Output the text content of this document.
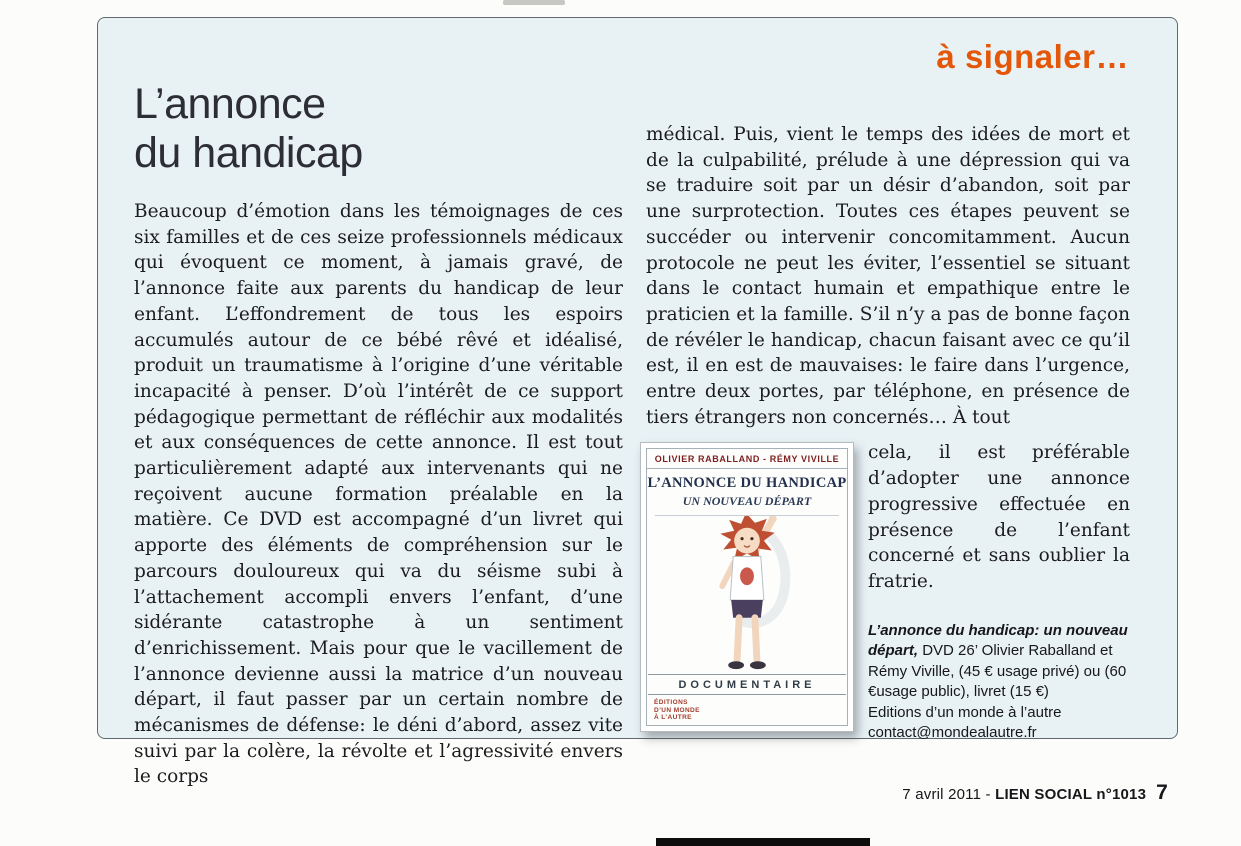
à signaler…
L’annonce
du handicap

Beaucoup d’émotion dans les témoignages de ces six familles et de ces seize professionnels médicaux qui évoquent ce moment, à jamais gravé, de l’annonce faite aux parents du handicap de leur enfant. L’effondrement de tous les espoirs accumulés autour de ce bébé rêvé et idéalisé, produit un traumatisme à l’origine d’une véritable incapacité à penser. D’où l’intérêt de ce support pédagogique permettant de réfléchir aux modalités et aux conséquences de cette annonce. Il est tout particulièrement adapté aux intervenants qui ne reçoivent aucune formation préalable en la matière. Ce DVD est accompagné d’un livret qui apporte des éléments de compréhension sur le parcours douloureux qui va du séisme subi à l’attachement accompli envers l’enfant, d’une sidérante catastrophe à un sentiment d’enrichissement. Mais pour que le vacillement de l’annonce devienne aussi la matrice d’un nouveau départ, il faut passer par un certain nombre de mécanismes de défense: le déni d’abord, assez vite suivi par la colère, la révolte et l’agressivité envers le corps

médical. Puis, vient le temps des idées de mort et de la culpabilité, prélude à une dépression qui va se traduire soit par un désir d’abandon, soit par une surprotection. Toutes ces étapes peuvent se succéder ou intervenir concomitamment. Aucun protocole ne peut les éviter, l’essentiel se situant dans le contact humain et empathique entre le praticien et la famille. S’il n’y a pas de bonne façon de révéler le handicap, chacun faisant avec ce qu’il est, il en est de mauvaises: le faire dans l’urgence, entre deux portes, par téléphone, en présence de tiers étrangers non concernés… À tout

OLIVIER RABALLAND - RÉMY VIVILLE
L’ANNONCE DU HANDICAP
UN NOUVEAU DÉPART
DOCUMENTAIRE
ÉDITIONS
D’UN MONDE
À L’AUTRE

cela, il est préférable d’adopter une annonce progressive effectuée en présence de l’enfant concerné et sans oublier la fratrie.

L’annonce du handicap: un nouveau départ, DVD 26’ Olivier Raballand et Rémy Viville, (45 € usage privé) ou (60 €usage public), livret (15 €)
Editions d’un monde à l’autre
contact@mondealautre.fr
7 avril 2011 -
LIEN SOCIAL n°1013 7
